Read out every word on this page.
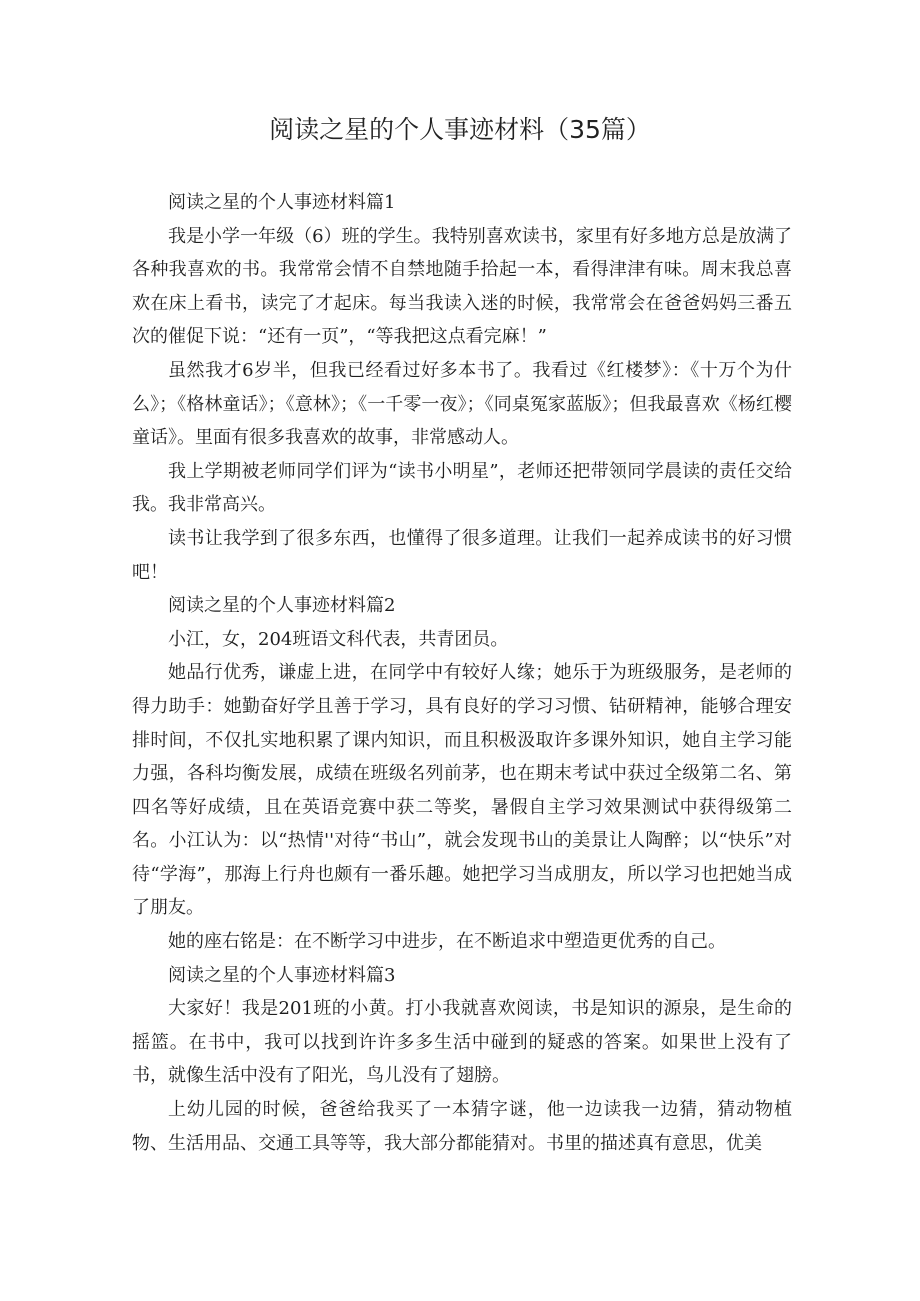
阅读之星的个人事迹材料（35篇）

阅读之星的个人事迹材料篇1

我是小学一年级（6）班的学生。我特别喜欢读书，家里有好多地方总是放满了各种我喜欢的书。我常常会情不自禁地随手拾起一本，看得津津有味。周末我总喜欢在床上看书，读完了才起床。每当我读入迷的时候，我常常会在爸爸妈妈三番五次的催促下说：“还有一页”，“等我把这点看完麻！”

虽然我才6岁半，但我已经看过好多本书了。我看过《红楼梦》：《十万个为什么》；《格林童话》；《意林》；《一千零一夜》；《同桌冤家蓝版》；但我最喜欢《杨红樱童话》。里面有很多我喜欢的故事，非常感动人。

我上学期被老师同学们评为“读书小明星”，老师还把带领同学晨读的责任交给我。我非常高兴。

读书让我学到了很多东西，也懂得了很多道理。让我们一起养成读书的好习惯吧！

阅读之星的个人事迹材料篇2

小江，女，204班语文科代表，共青团员。

她品行优秀，谦虚上进，在同学中有较好人缘；她乐于为班级服务，是老师的得力助手：她勤奋好学且善于学习，具有良好的学习习惯、钻研精神，能够合理安排时间，不仅扎实地积累了课内知识，而且积极汲取许多课外知识，她自主学习能力强，各科均衡发展，成绩在班级名列前茅，也在期末考试中获过全级第二名、第四名等好成绩，且在英语竞赛中获二等奖，暑假自主学习效果测试中获得级第二名。小江认为：以“热情''对待“书山”，就会发现书山的美景让人陶醉；以“快乐”对待“学海”，那海上行舟也颇有一番乐趣。她把学习当成朋友，所以学习也把她当成了朋友。

她的座右铭是：在不断学习中进步，在不断追求中塑造更优秀的自己。

阅读之星的个人事迹材料篇3

大家好！我是201班的小黄。打小我就喜欢阅读，书是知识的源泉，是生命的摇篮。在书中，我可以找到许许多多生活中碰到的疑惑的答案。如果世上没有了书，就像生活中没有了阳光，鸟儿没有了翅膀。

上幼儿园的时候，爸爸给我买了一本猜字谜，他一边读我一边猜，猜动物植物、生活用品、交通工具等等，我大部分都能猜对。书里的描述真有意思，优美
